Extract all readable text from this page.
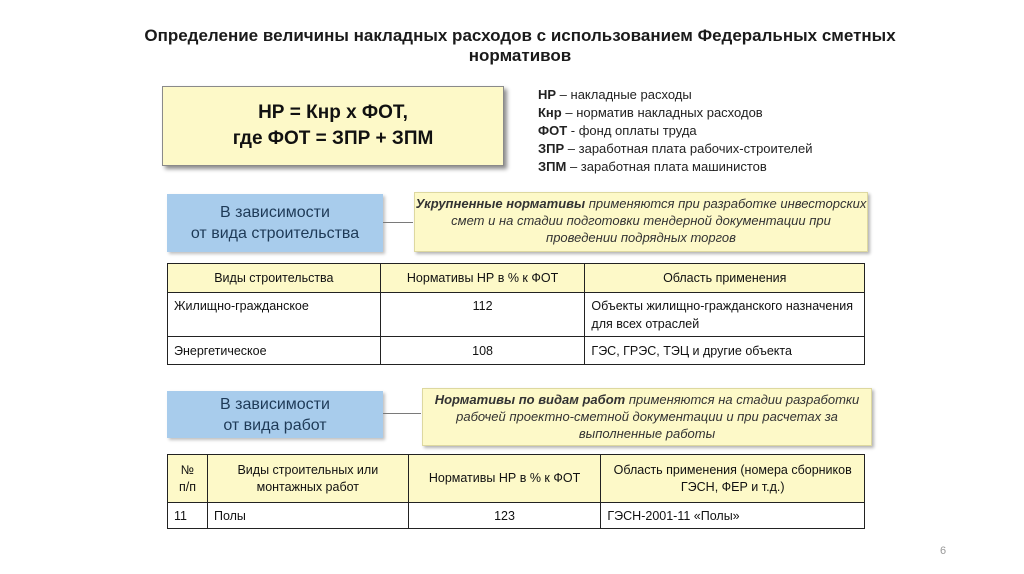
Определение величины накладных расходов с использованием Федеральных сметных
нормативов
НР = Кнр х ФОТ,
где ФОТ = ЗПР + ЗПМ
НР – накладные расходы
Кнр – норматив накладных расходов
ФОТ - фонд оплаты труда
ЗПР – заработная плата рабочих-строителей
ЗПМ – заработная плата машинистов
В зависимости
от вида строительства
Укрупненные нормативы применяются при разработке инвесторских смет и на стадии подготовки тендерной документации при проведении подрядных торгов
Виды строительства	Нормативы НР в % к ФОТ	Область применения
Жилищно-гражданское	112	Объекты жилищно-гражданского назначения для всех отраслей
Энергетическое	108	ГЭС, ГРЭС, ТЭЦ и другие объекта
В зависимости
от вида работ
Нормативы по видам работ применяются на стадии разработки рабочей проектно-сметной документации и при расчетах за выполненные работы
№ п/п	Виды строительных или монтажных работ	Нормативы НР в % к ФОТ	Область применения (номера сборников ГЭСН, ФЕР и т.д.)
11	Полы	123	ГЭСН-2001-11 «Полы»
6
